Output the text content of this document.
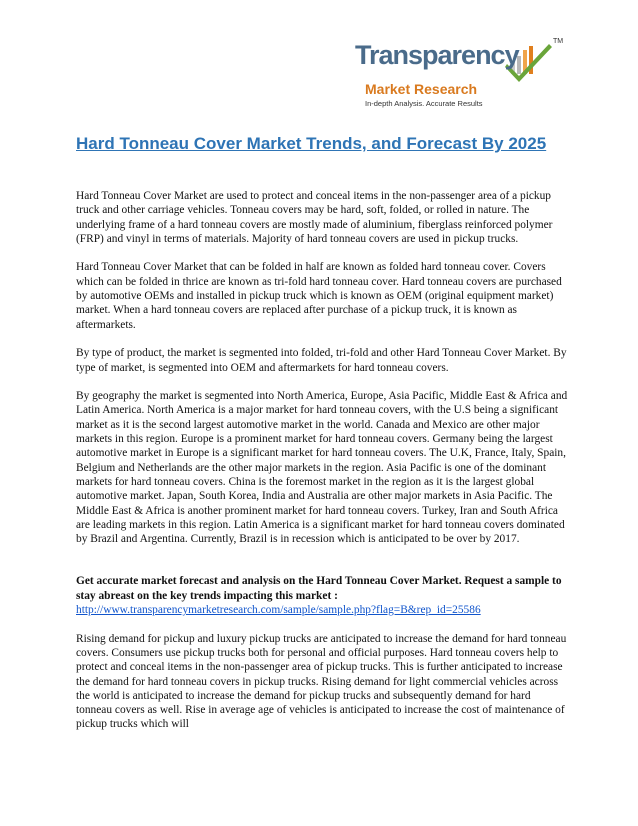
Transparency	TM
Market Research
In-depth Analysis. Accurate Results
Hard Tonneau Cover Market Trends, and Forecast By 2025

Hard Tonneau Cover Market are used to protect and conceal items in the non-passenger area of a pickup truck and other carriage vehicles. Tonneau covers may be hard, soft, folded, or rolled in nature. The underlying frame of a hard tonneau covers are mostly made of aluminium, fiberglass reinforced polymer (FRP) and vinyl in terms of materials. Majority of hard tonneau covers are used in pickup trucks.

Hard Tonneau Cover Market that can be folded in half are known as folded hard tonneau cover. Covers which can be folded in thrice are known as tri-fold hard tonneau cover. Hard tonneau covers are purchased by automotive OEMs and installed in pickup truck which is known as OEM (original equipment market) market. When a hard tonneau covers are replaced after purchase of a pickup truck, it is known as aftermarkets.

By type of product, the market is segmented into folded, tri-fold and other Hard Tonneau Cover Market. By type of market, is segmented into OEM and aftermarkets for hard tonneau covers.

By geography the market is segmented into North America, Europe, Asia Pacific, Middle East & Africa and Latin America. North America is a major market for hard tonneau covers, with the U.S being a significant market as it is the second largest automotive market in the world. Canada and Mexico are other major markets in this region. Europe is a prominent market for hard tonneau covers. Germany being the largest automotive market in Europe is a significant market for hard tonneau covers. The U.K, France, Italy, Spain, Belgium and Netherlands are the other major markets in the region. Asia Pacific is one of the dominant markets for hard tonneau covers. China is the foremost market in the region as it is the largest global automotive market. Japan, South Korea, India and Australia are other major markets in Asia Pacific. The Middle East & Africa is another prominent market for hard tonneau covers. Turkey, Iran and South Africa are leading markets in this region. Latin America is a significant market for hard tonneau covers dominated by Brazil and Argentina. Currently, Brazil is in recession which is anticipated to be over by 2017.

Get accurate market forecast and analysis on the Hard Tonneau Cover Market. Request a sample to stay abreast on the key trends impacting this market :
http://www.transparencymarketresearch.com/sample/sample.php?flag=B&rep_id=25586

Rising demand for pickup and luxury pickup trucks are anticipated to increase the demand for hard tonneau covers. Consumers use pickup trucks both for personal and official purposes. Hard tonneau covers help to protect and conceal items in the non-passenger area of pickup trucks. This is further anticipated to increase the demand for hard tonneau covers in pickup trucks. Rising demand for light commercial vehicles across the world is anticipated to increase the demand for pickup trucks and subsequently demand for hard tonneau covers as well. Rise in average age of vehicles is anticipated to increase the cost of maintenance of pickup trucks which will
